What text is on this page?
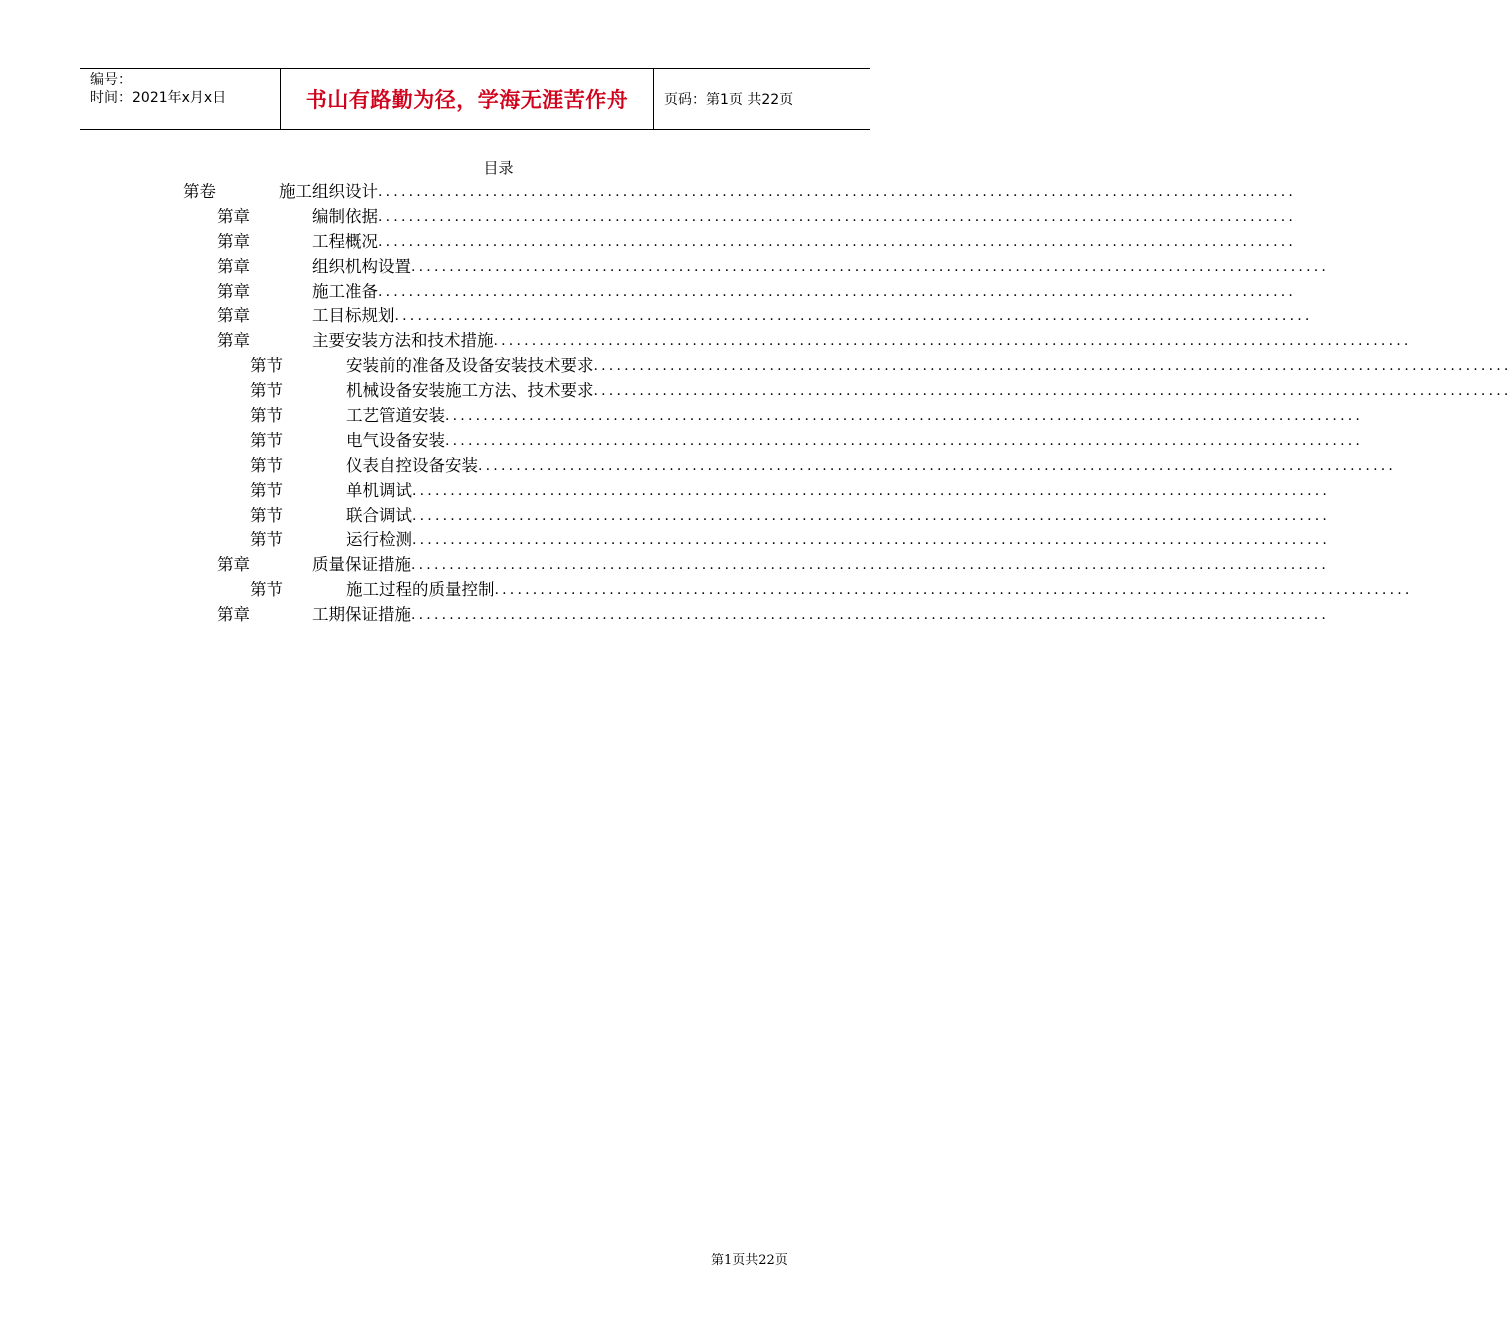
编号：
时间：2021年x月x日	书山有路勤为径，学海无涯苦作舟	页码：第1页 共22页
目录
第卷	施工组织设计 ........................................................................................................................
第章	编制依据 ........................................................................................................................
第章	工程概况 ........................................................................................................................
第章	组织机构设置 ........................................................................................................................
第章	施工准备 ........................................................................................................................
第章	工目标规划 ........................................................................................................................
第章	主要安装方法和技术措施 ........................................................................................................................
第节	安装前的准备及设备安装技术要求 ........................................................................................................................
第节	机械设备安装施工方法、技术要求 ........................................................................................................................
第节	工艺管道安装 ........................................................................................................................
第节	电气设备安装 ........................................................................................................................
第节	仪表自控设备安装 ........................................................................................................................
第节	单机调试 ........................................................................................................................
第节	联合调试 ........................................................................................................................
第节	运行检测 ........................................................................................................................
第章	质量保证措施 ........................................................................................................................
第节	施工过程的质量控制 ........................................................................................................................
第章	工期保证措施 ........................................................................................................................
第1页共22页
